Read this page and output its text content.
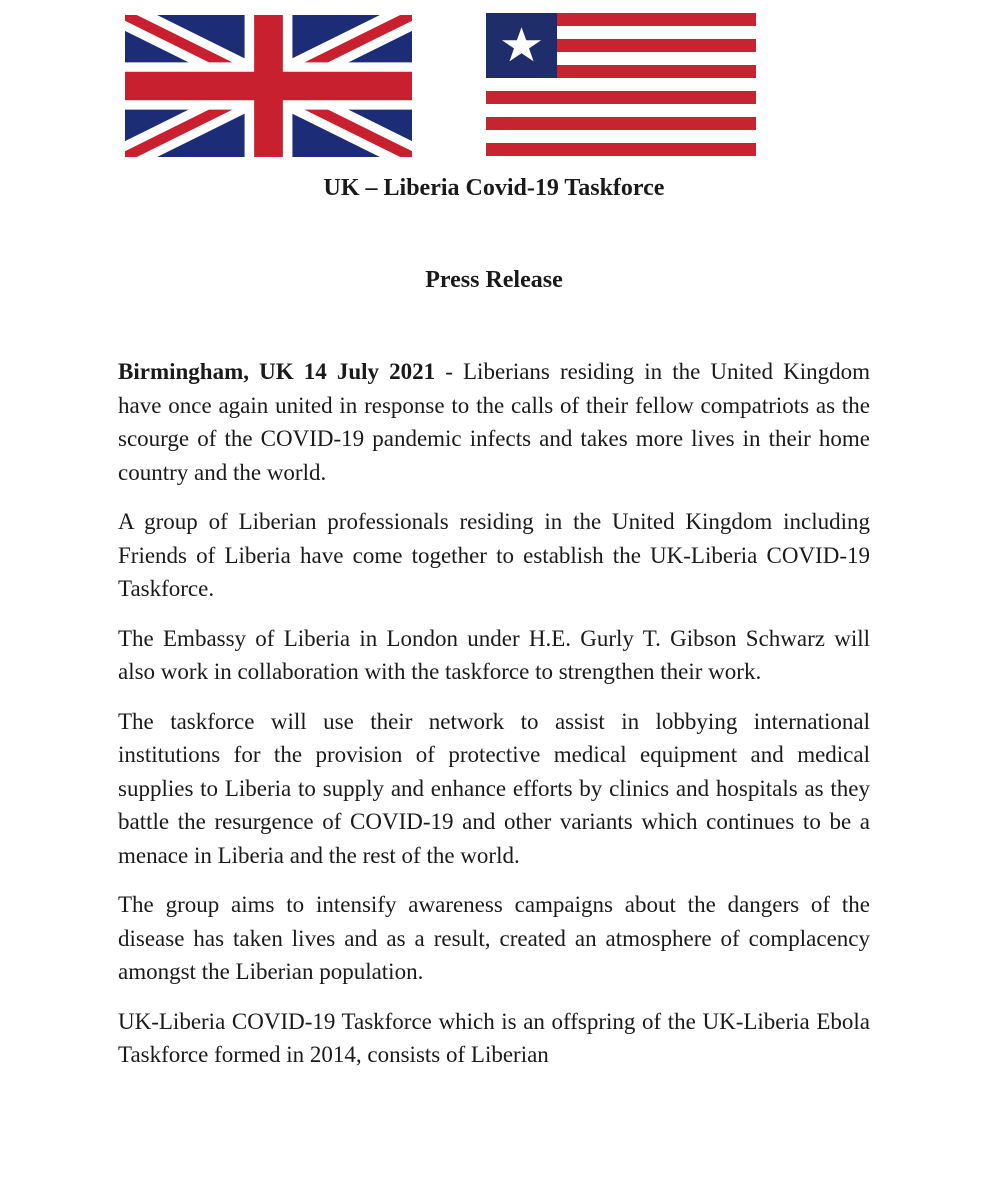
UK – Liberia Covid-19 Taskforce
Press Release

Birmingham, UK 14 July 2021 - Liberians residing in the United Kingdom have once again united in response to the calls of their fellow compatriots as the scourge of the COVID-19 pandemic infects and takes more lives in their home country and the world.

A group of Liberian professionals residing in the United Kingdom including Friends of Liberia have come together to establish the UK-Liberia COVID-19 Taskforce.

The Embassy of Liberia in London under H.E. Gurly T. Gibson Schwarz will also work in collaboration with the taskforce to strengthen their work.

The taskforce will use their network to assist in lobbying international institutions for the provision of protective medical equipment and medical supplies to Liberia to supply and enhance efforts by clinics and hospitals as they battle the resurgence of COVID-19 and other variants which continues to be a menace in Liberia and the rest of the world.

The group aims to intensify awareness campaigns about the dangers of the disease has taken lives and as a result, created an atmosphere of complacency amongst the Liberian population.

UK-Liberia COVID-19 Taskforce which is an offspring of the UK-Liberia Ebola Taskforce formed in 2014, consists of Liberian
